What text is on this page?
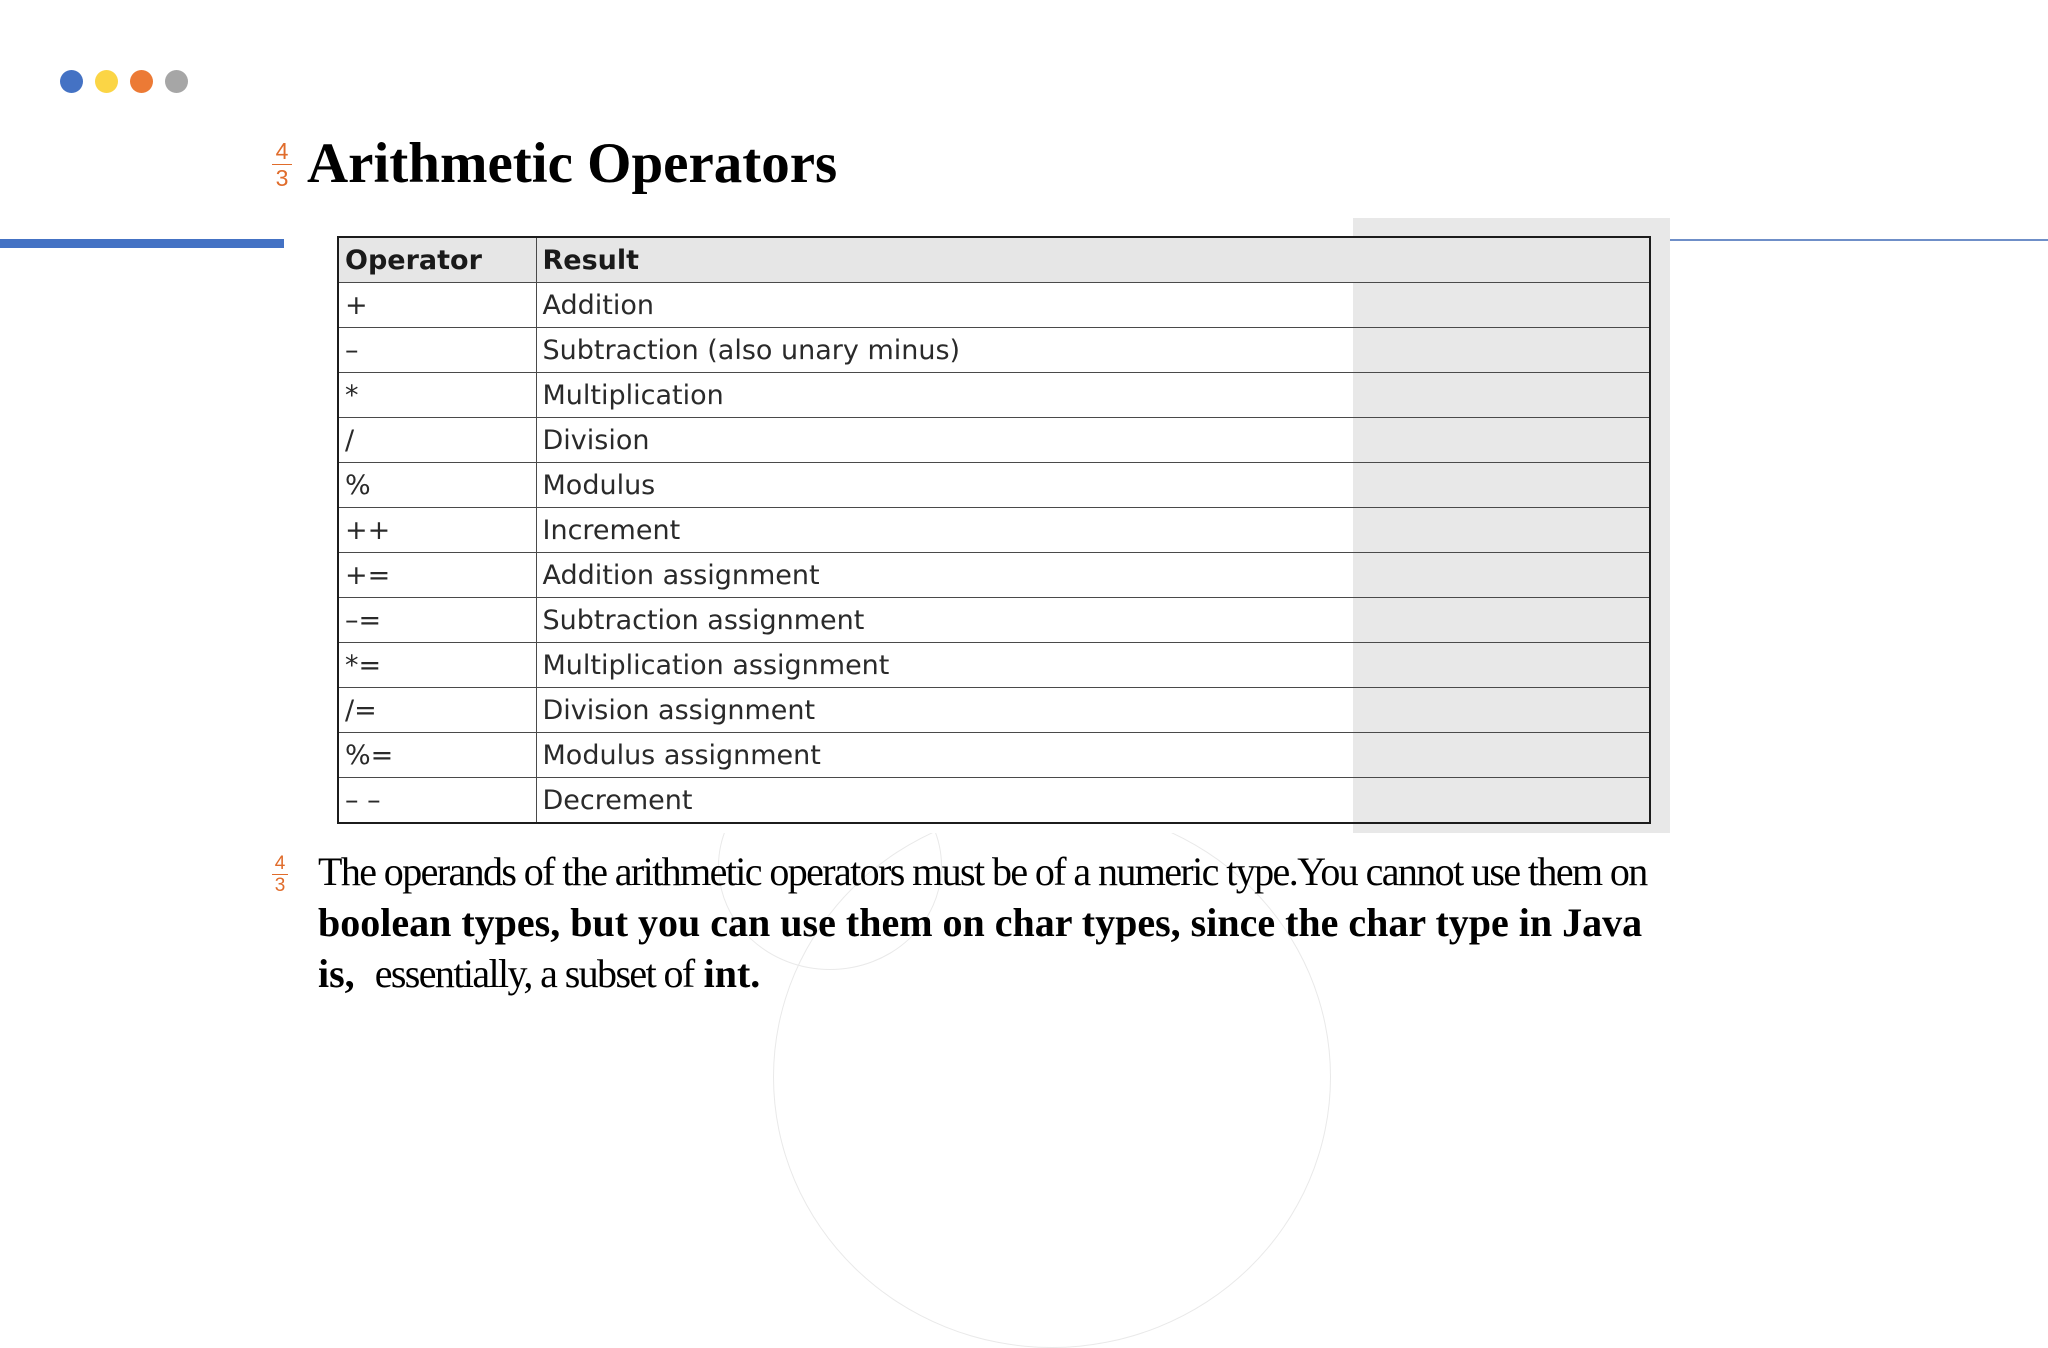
$\frac{4}{3}$ Arithmetic Operators
Operator	Result
+	Addition
–	Subtraction (also unary minus)
*	Multiplication
/	Division
%	Modulus
++	Increment
+=	Addition assignment
–=	Subtraction assignment
*=	Multiplication assignment
/=	Division assignment
%=	Modulus assignment
– –	Decrement
$\frac{4}{3}$ The operands of the arithmetic operators must be of a numeric type.You cannot use them on boolean types, but you can use them on char types, since the char type in Java is, essentially, a subset of int.
